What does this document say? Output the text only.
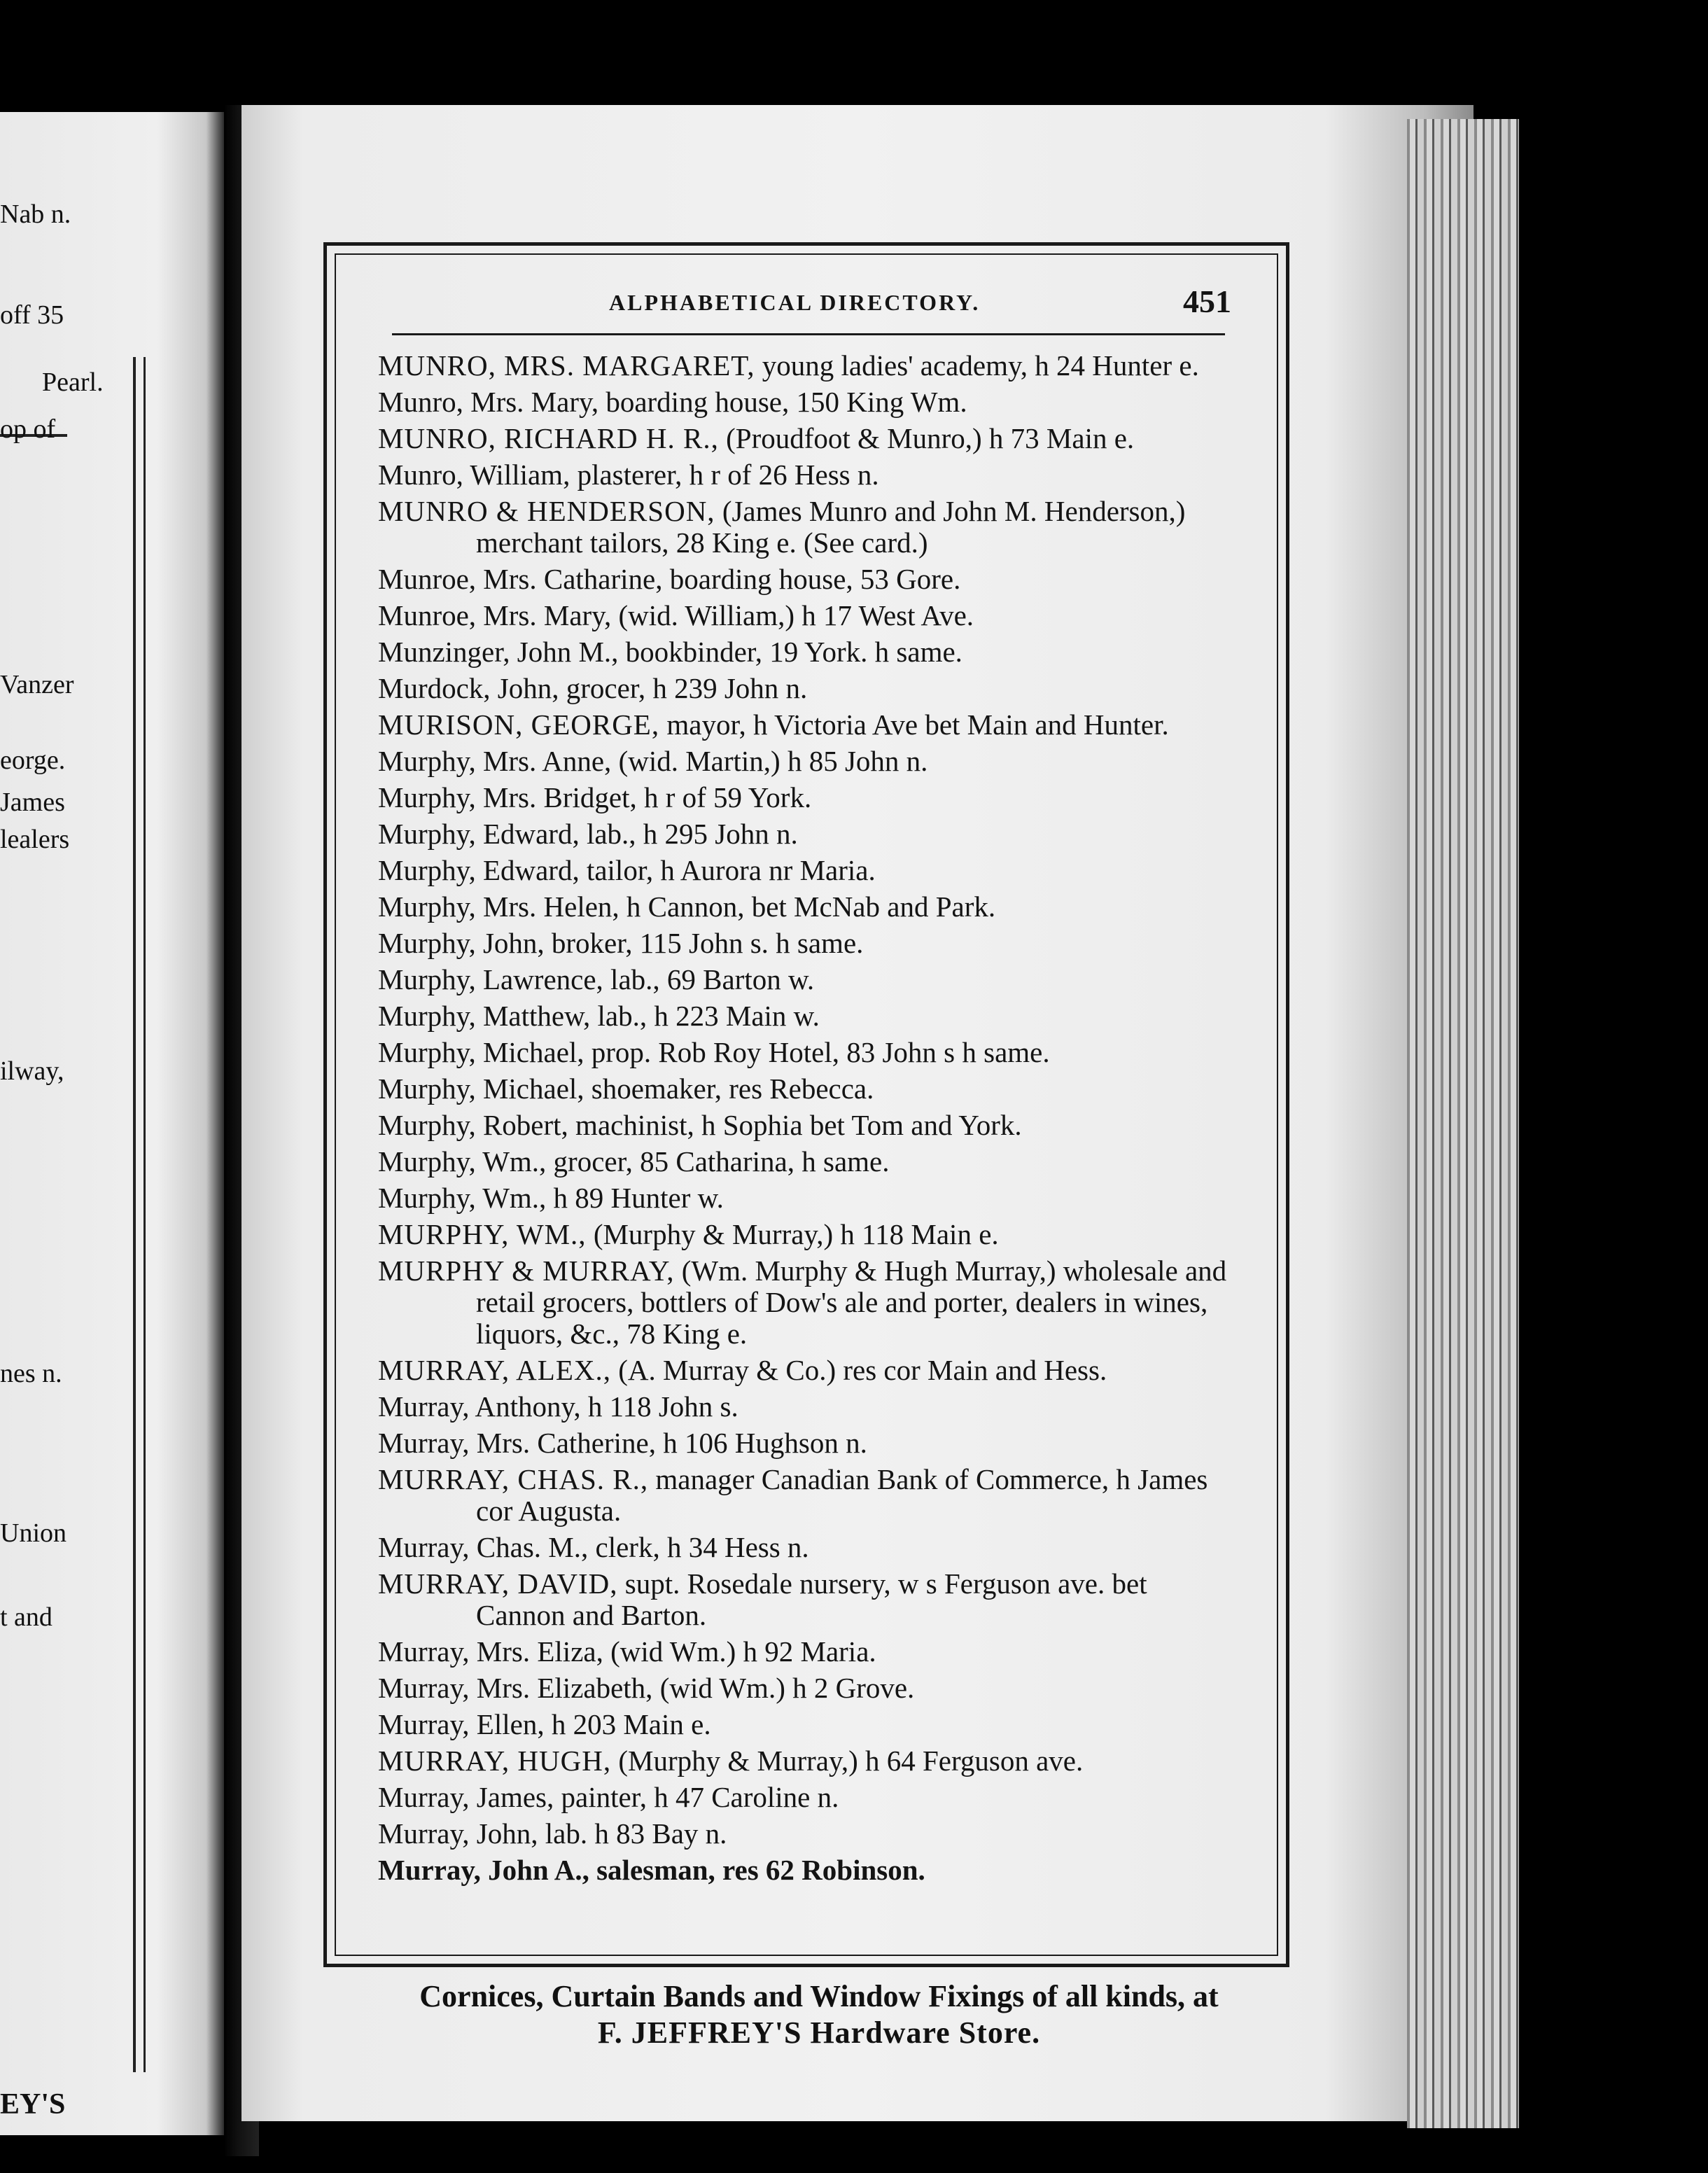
Nab n.
off 35
Pearl.
op of
Vanzer
eorge.
James
lealers
ilway,
nes n.
Union
t and
EY'S
ALPHABETICAL DIRECTORY.	451
MUNRO, MRS. MARGARET, young ladies' academy, h 24 Hunter e.
Munro, Mrs. Mary, boarding house, 150 King Wm.
MUNRO, RICHARD H. R., (Proudfoot & Munro,) h 73 Main e.
Munro, William, plasterer, h r of 26 Hess n.
MUNRO & HENDERSON, (James Munro and John M. Henderson,) merchant tailors, 28 King e. (See card.)
Munroe, Mrs. Catharine, boarding house, 53 Gore.
Munroe, Mrs. Mary, (wid. William,) h 17 West Ave.
Munzinger, John M., bookbinder, 19 York. h same.
Murdock, John, grocer, h 239 John n.
MURISON, GEORGE, mayor, h Victoria Ave bet Main and Hunter.
Murphy, Mrs. Anne, (wid. Martin,) h 85 John n.
Murphy, Mrs. Bridget, h r of 59 York.
Murphy, Edward, lab., h 295 John n.
Murphy, Edward, tailor, h Aurora nr Maria.
Murphy, Mrs. Helen, h Cannon, bet McNab and Park.
Murphy, John, broker, 115 John s. h same.
Murphy, Lawrence, lab., 69 Barton w.
Murphy, Matthew, lab., h 223 Main w.
Murphy, Michael, prop. Rob Roy Hotel, 83 John s h same.
Murphy, Michael, shoemaker, res Rebecca.
Murphy, Robert, machinist, h Sophia bet Tom and York.
Murphy, Wm., grocer, 85 Catharina, h same.
Murphy, Wm., h 89 Hunter w.
MURPHY, WM., (Murphy & Murray,) h 118 Main e.
MURPHY & MURRAY, (Wm. Murphy & Hugh Murray,) wholesale and retail grocers, bottlers of Dow's ale and porter, dealers in wines, liquors, &c., 78 King e.
MURRAY, ALEX., (A. Murray & Co.) res cor Main and Hess.
Murray, Anthony, h 118 John s.
Murray, Mrs. Catherine, h 106 Hughson n.
MURRAY, CHAS. R., manager Canadian Bank of Commerce, h James cor Augusta.
Murray, Chas. M., clerk, h 34 Hess n.
MURRAY, DAVID, supt. Rosedale nursery, w s Ferguson ave. bet Cannon and Barton.
Murray, Mrs. Eliza, (wid Wm.) h 92 Maria.
Murray, Mrs. Elizabeth, (wid Wm.) h 2 Grove.
Murray, Ellen, h 203 Main e.
MURRAY, HUGH, (Murphy & Murray,) h 64 Ferguson ave.
Murray, James, painter, h 47 Caroline n.
Murray, John, lab. h 83 Bay n.
Murray, John A., salesman, res 62 Robinson.
Cornices, Curtain Bands and Window Fixings of all kinds, at
F. JEFFREY'S Hardware Store.
